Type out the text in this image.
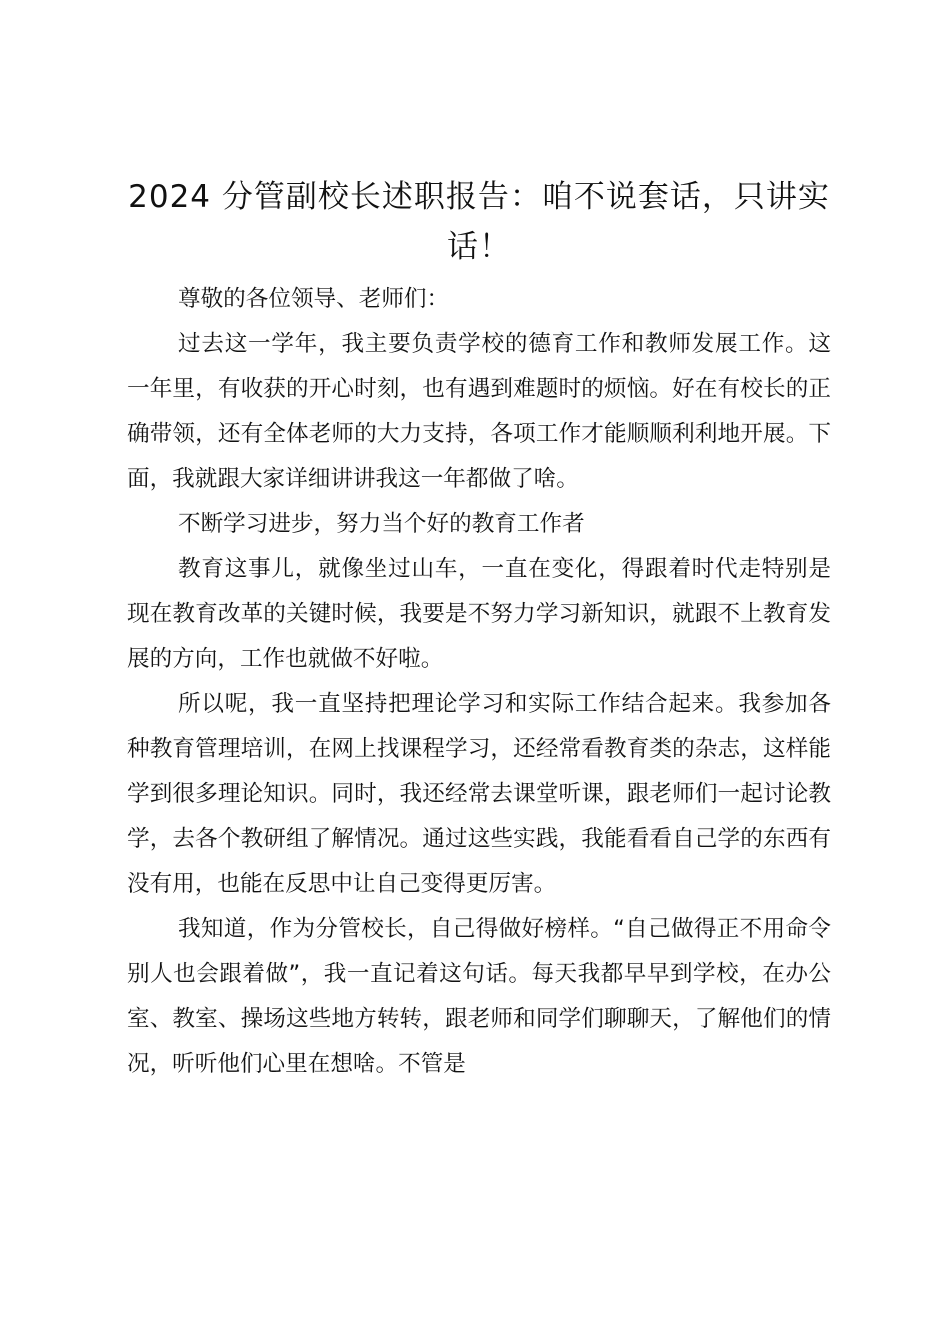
2024 分管副校长述职报告：咱不说套话，只讲实话！

尊敬的各位领导、老师们：

过去这一学年，我主要负责学校的德育工作和教师发展工作。这一年里，有收获的开心时刻，也有遇到难题时的烦恼。好在有校长的正确带领，还有全体老师的大力支持，各项工作才能顺顺利利地开展。下面，我就跟大家详细讲讲我这一年都做了啥。

不断学习进步，努力当个好的教育工作者

教育这事儿，就像坐过山车，一直在变化，得跟着时代走特别是现在教育改革的关键时候，我要是不努力学习新知识，就跟不上教育发展的方向，工作也就做不好啦。

所以呢，我一直坚持把理论学习和实际工作结合起来。我参加各种教育管理培训，在网上找课程学习，还经常看教育类的杂志，这样能学到很多理论知识。同时，我还经常去课堂听课，跟老师们一起讨论教学，去各个教研组了解情况。通过这些实践，我能看看自己学的东西有没有用，也能在反思中让自己变得更厉害。

我知道，作为分管校长，自己得做好榜样。“自己做得正不用命令别人也会跟着做”，我一直记着这句话。每天我都早早到学校，在办公室、教室、操场这些地方转转，跟老师和同学们聊聊天，了解他们的情况，听听他们心里在想啥。不管是
